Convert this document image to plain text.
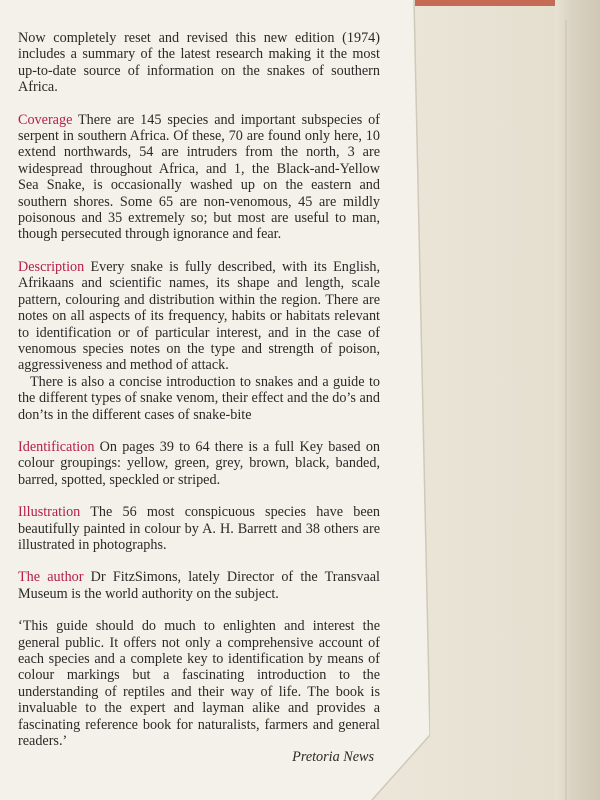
Now completely reset and revised this new edition (1974) includes a summary of the latest research making it the most up-to-date source of information on the snakes of southern Africa.

Coverage There are 145 species and important subspecies of serpent in southern Africa. Of these, 70 are found only here, 10 extend northwards, 54 are intruders from the north, 3 are widespread throughout Africa, and 1, the Black-and-Yellow Sea Snake, is occasionally washed up on the eastern and southern shores. Some 65 are non-venomous, 45 are mildly poisonous and 35 extremely so; but most are useful to man, though persecuted through ignorance and fear.

Description Every snake is fully described, with its English, Afrikaans and scientific names, its shape and length, scale pattern, colouring and distribution within the region. There are notes on all aspects of its frequency, habits or habitats relevant to identification or of particular interest, and in the case of venomous species notes on the type and strength of poison, aggressiveness and method of attack.

There is also a concise introduction to snakes and a guide to the different types of snake venom, their effect and the do’s and don’ts in the different cases of snake-bite

Identification On pages 39 to 64 there is a full Key based on colour groupings: yellow, green, grey, brown, black, banded, barred, spotted, speckled or striped.

Illustration The 56 most conspicuous species have been beautifully painted in colour by A. H. Barrett and 38 others are illustrated in photographs.

The author Dr FitzSimons, lately Director of the Transvaal Museum is the world authority on the subject.

‘This guide should do much to enlighten and interest the general public. It offers not only a comprehensive account of each species and a complete key to identification by means of colour markings but a fascinating introduction to the understanding of reptiles and their way of life. The book is invaluable to the expert and layman alike and provides a fascinating reference book for naturalists, farmers and general readers.’

Pretoria News
